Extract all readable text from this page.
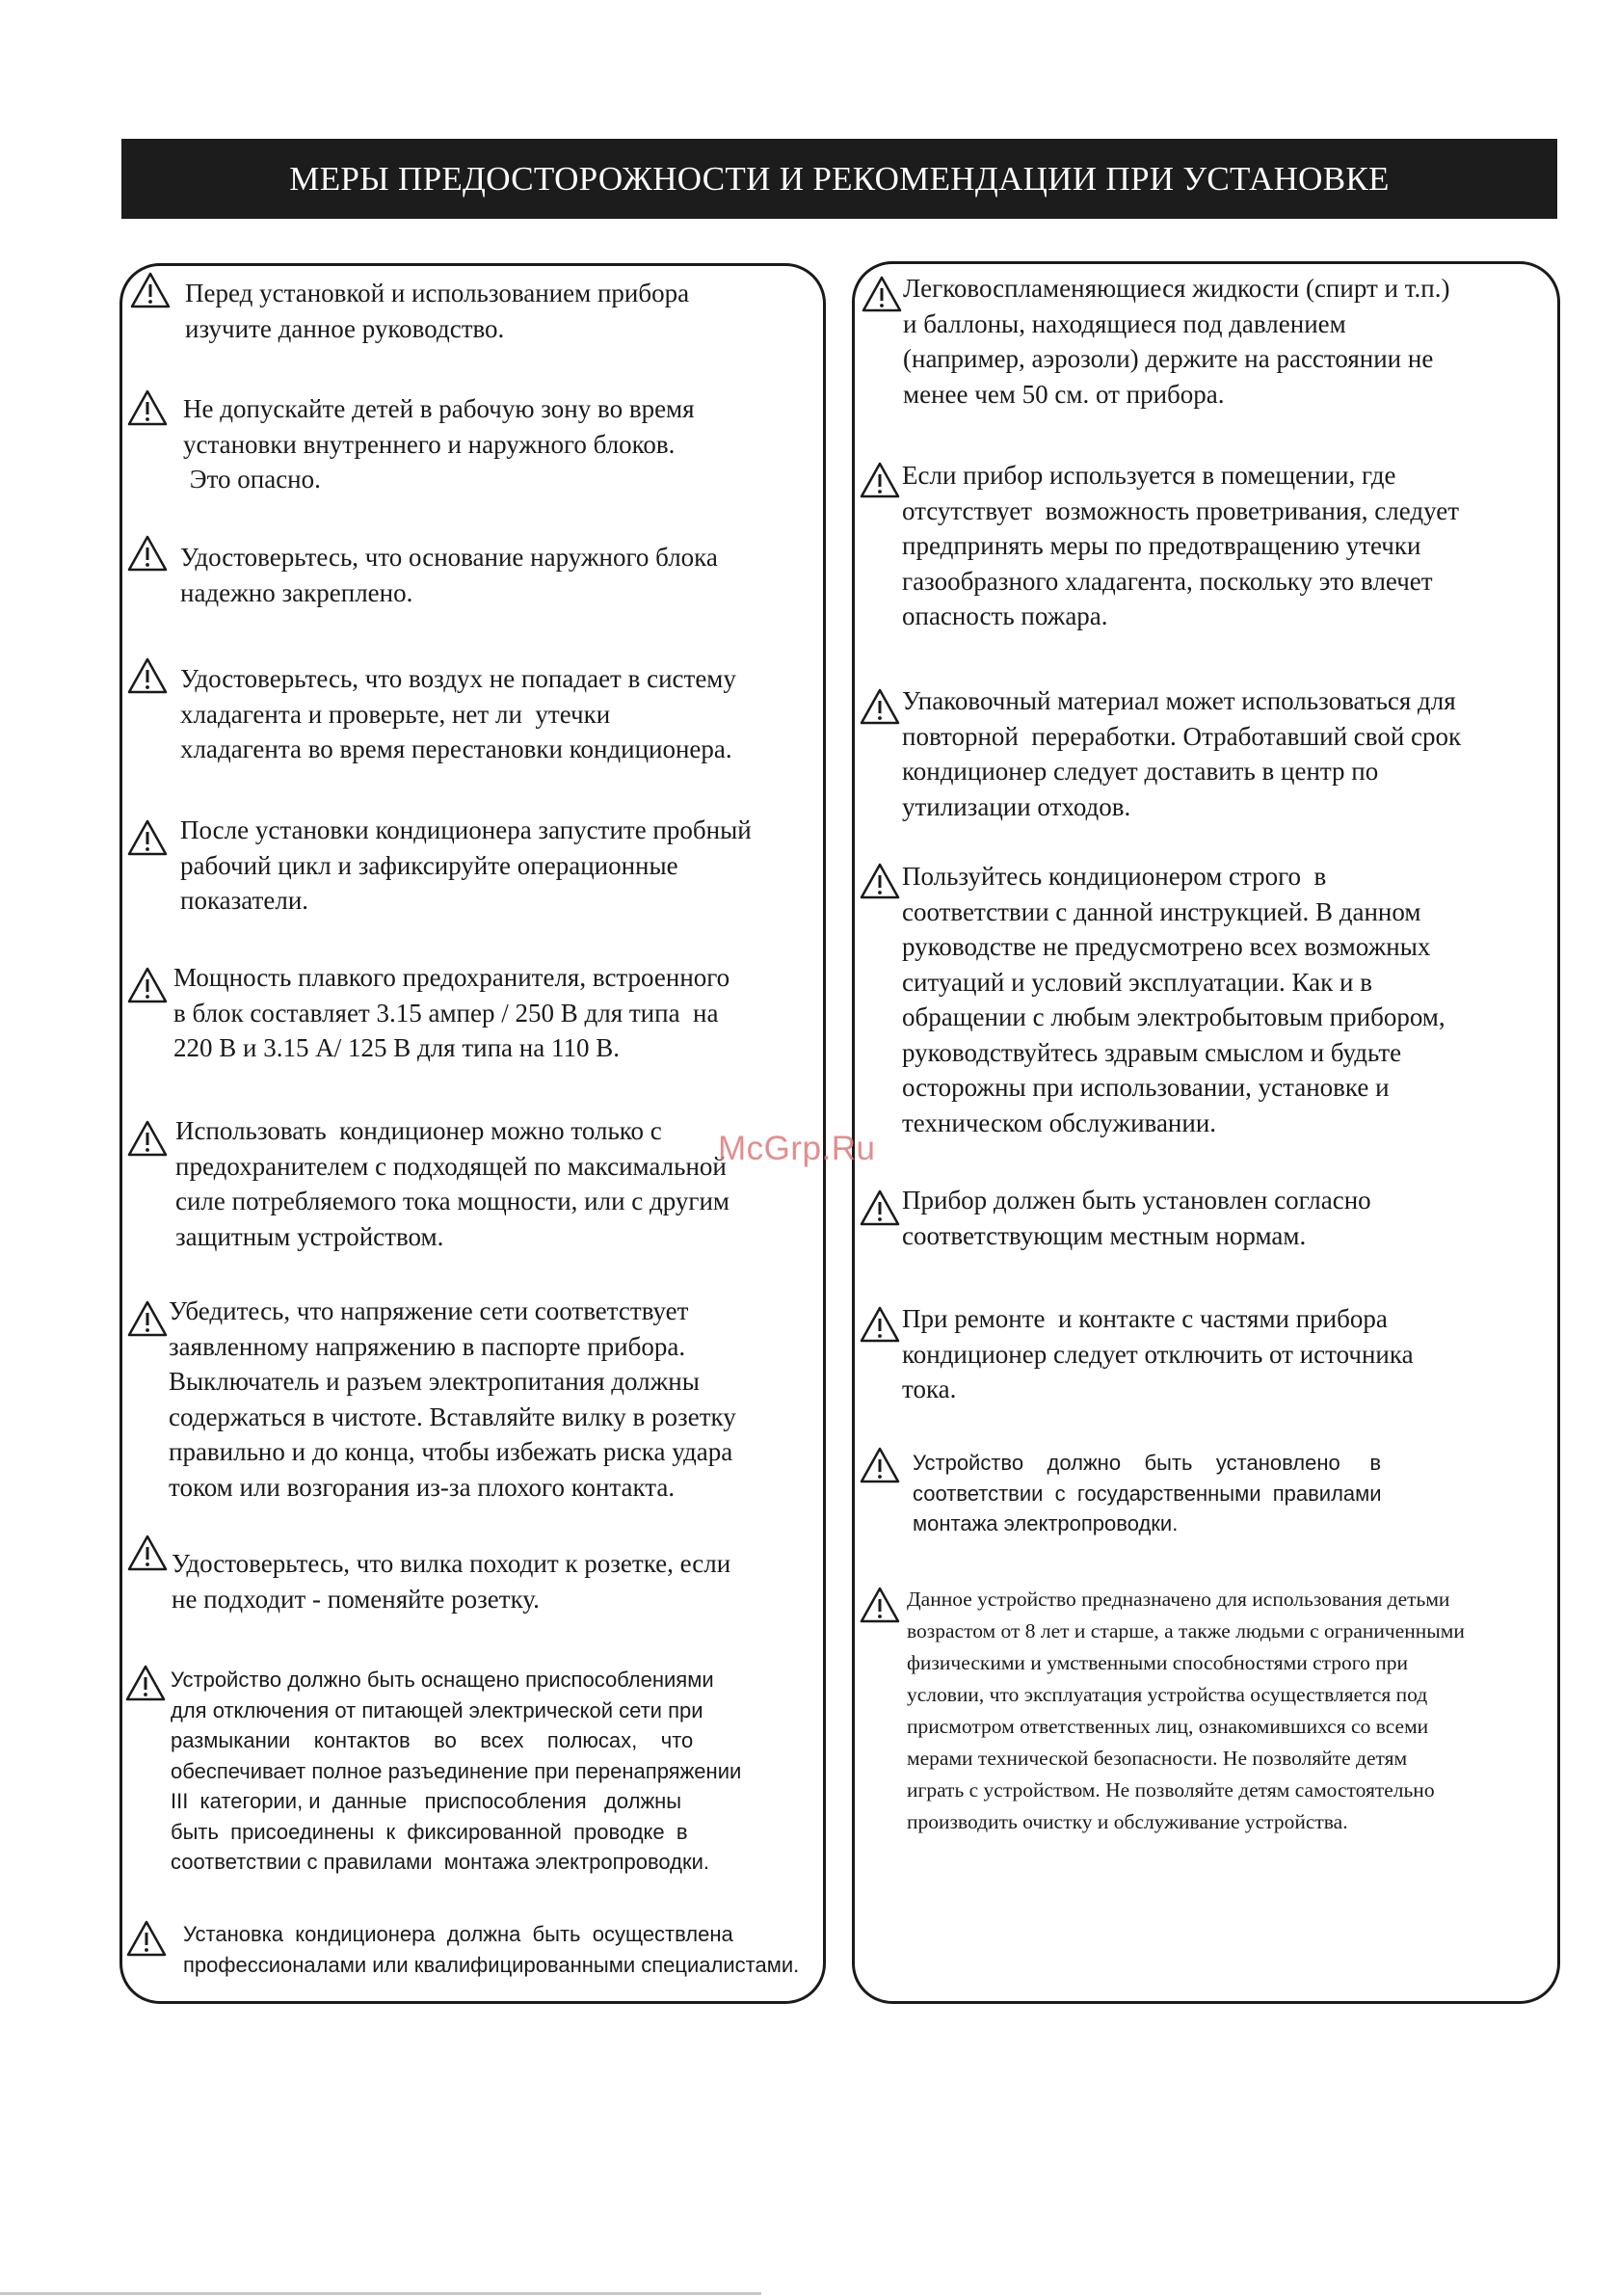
МЕРЫ ПРЕДОСТОРОЖНОСТИ И РЕКОМЕНДАЦИИ ПРИ УСТАНОВКЕ
Перед установкой и использованием прибора
изучите данное руководство.
Не допускайте детей в рабочую зону во время
установки внутреннего и наружного блоков.
Это опасно.
Удостоверьтесь, что основание наружного блока
надежно закреплено.
Удостоверьтесь, что воздух не попадает в систему
хладагента и проверьте, нет ли  утечки
хладагента во время перестановки кондиционера.
После установки кондиционера запустите пробный
рабочий цикл и зафиксируйте операционные
показатели.
Мощность плавкого предохранителя, встроенного
в блок составляет 3.15 ампер / 250 В для типа  на
220 В и 3.15 А/ 125 В для типа на 110 В.
Использовать  кондиционер можно только с
предохранителем с подходящей по максимальной
силе потребляемого тока мощности, или с другим
защитным устройством.
Убедитесь, что напряжение сети соответствует
заявленному напряжению в паспорте прибора.
Выключатель и разъем электропитания должны
содержаться в чистоте. Вставляйте вилку в розетку
правильно и до конца, чтобы избежать риска удара
током или возгорания из-за плохого контакта.
Удостоверьтесь, что вилка походит к розетке, если
не подходит - поменяйте розетку.
Устройство должно быть оснащено приспособлениями
для отключения от питающей электрической сети при
размыкании    контактов    во    всех    полюсах,    что
обеспечивает полное разъединение при перенапряжении
III  категории, и  данные   приспособления   должны
быть  присоединены  к  фиксированной  проводке  в
соответствии с правилами  монтажа электропроводки.
Установка  кондиционера  должна  быть  осуществлена
профессионалами или квалифицированными специалистами.
Легковоспламеняющиеся жидкости (спирт и т.п.)
и баллоны, находящиеся под давлением
(например, аэрозоли) держите на расстоянии не
менее чем 50 см. от прибора.
Если прибор используется в помещении, где
отсутствует  возможность проветривания, следует
предпринять меры по предотвращению утечки
газообразного хладагента, поскольку это влечет
опасность пожара.
Упаковочный материал может использоваться для
повторной  переработки. Отработавший свой срок
кондиционер следует доставить в центр по
утилизации отходов.
Пользуйтесь кондиционером строго  в
соответствии с данной инструкцией. В данном
руководстве не предусмотрено всех возможных
ситуаций и условий эксплуатации. Как и в
обращении с любым электробытовым прибором,
руководствуйтесь здравым смыслом и будьте
осторожны при использовании, установке и
техническом обслуживании.
Прибор должен быть установлен согласно
соответствующим местным нормам.
При ремонте  и контакте с частями прибора
кондиционер следует отключить от источника
тока.
Устройство    должно    быть    установлено     в
соответствии  с  государственными  правилами
монтажа электропроводки.
Данное устройство предназначено для использования детьми
возрастом от 8 лет и старше, а также людьми с ограниченными
физическими и умственными способностями строго при
условии, что эксплуатация устройства осуществляется под
присмотром ответственных лиц, ознакомившихся со всеми
мерами технической безопасности. Не позволяйте детям
играть с устройством. Не позволяйте детям самостоятельно
производить очистку и обслуживание устройства.
McGrp.Ru
